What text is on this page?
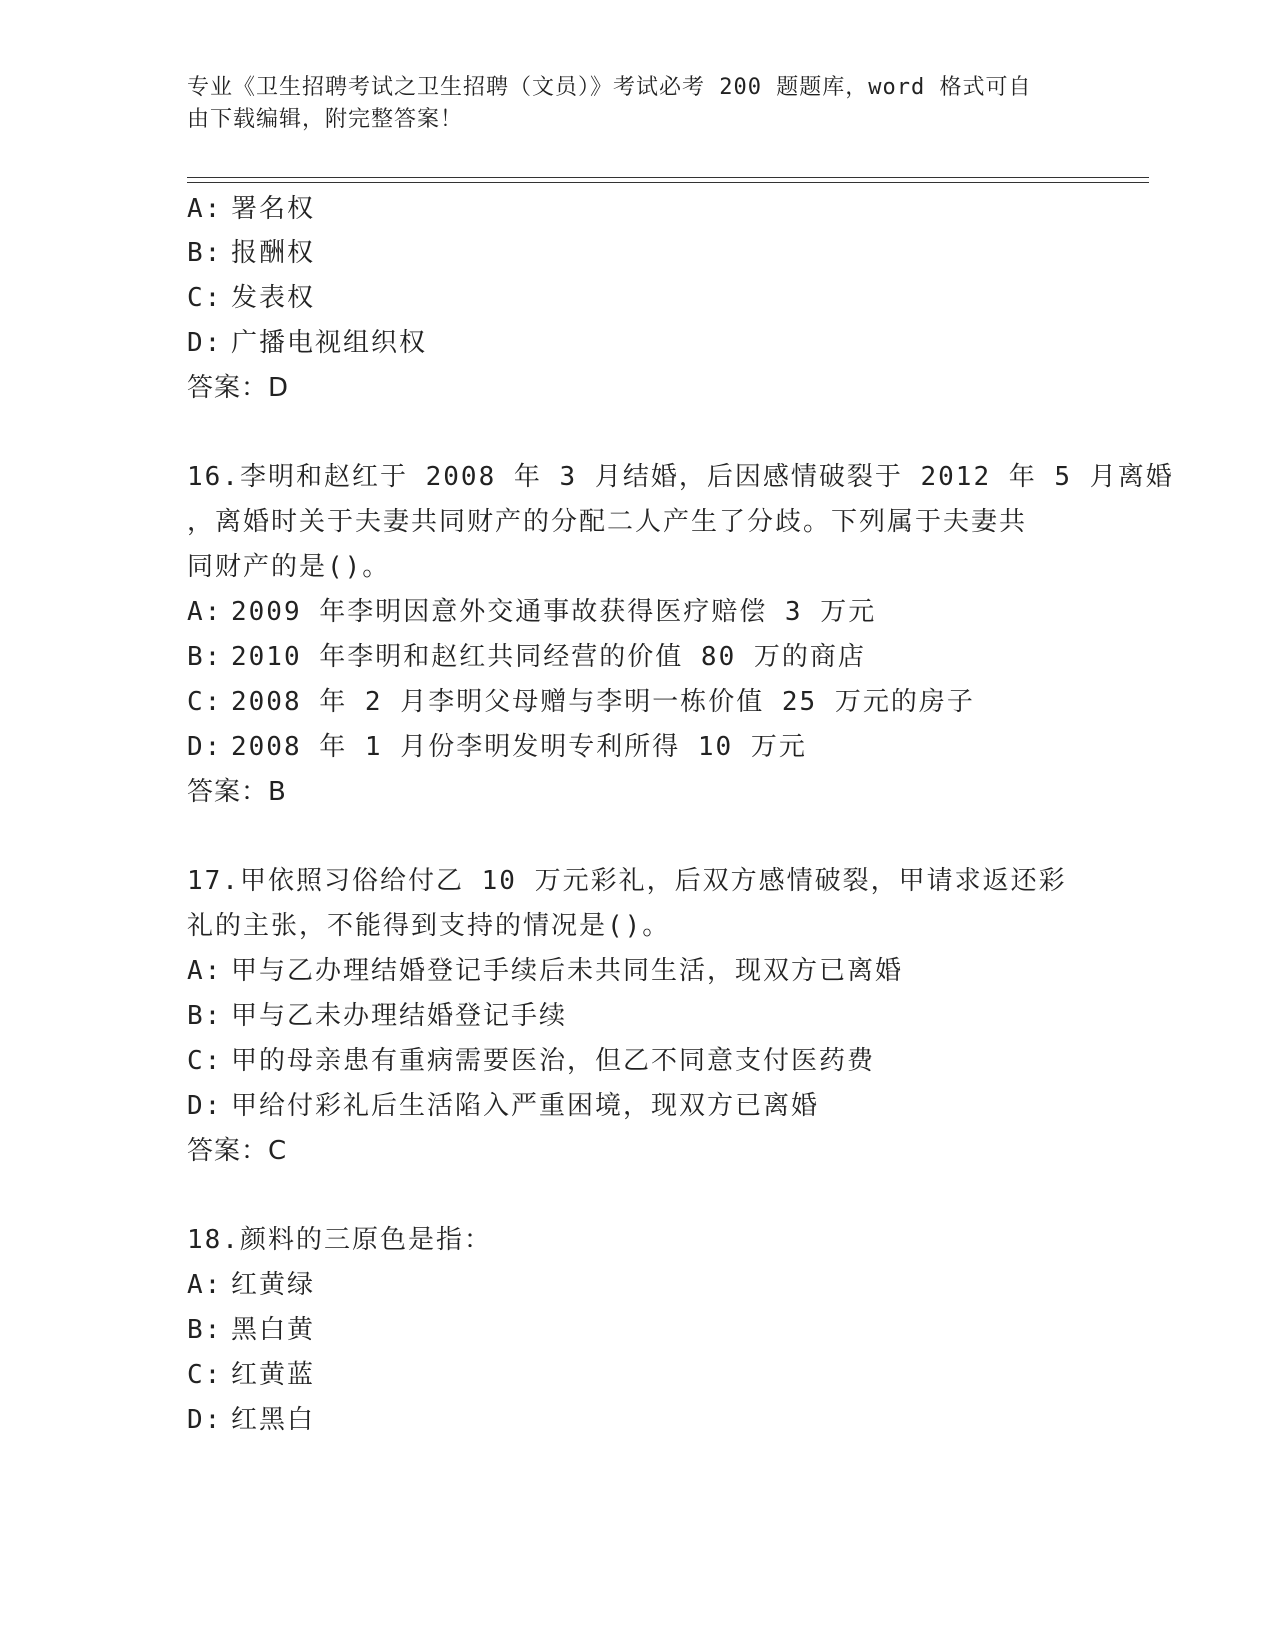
专业《卫生招聘考试之卫生招聘（文员）》考试必考 200 题题库，word 格式可自
由下载编辑，附完整答案！
A: 署名权
B: 报酬权
C: 发表权
D: 广播电视组织权
答案：D
16.李明和赵红于 2008 年 3 月结婚，后因感情破裂于 2012 年 5 月离婚
，离婚时关于夫妻共同财产的分配二人产生了分歧。下列属于夫妻共
同财产的是()。
A: 2009 年李明因意外交通事故获得医疗赔偿 3 万元
B: 2010 年李明和赵红共同经营的价值 80 万的商店
C: 2008 年 2 月李明父母赠与李明一栋价值 25 万元的房子
D: 2008 年 1 月份李明发明专利所得 10 万元
答案：B
17.甲依照习俗给付乙 10 万元彩礼，后双方感情破裂，甲请求返还彩
礼的主张，不能得到支持的情况是()。
A: 甲与乙办理结婚登记手续后未共同生活，现双方已离婚
B: 甲与乙未办理结婚登记手续
C: 甲的母亲患有重病需要医治，但乙不同意支付医药费
D: 甲给付彩礼后生活陷入严重困境，现双方已离婚
答案：C
18.颜料的三原色是指：
A: 红黄绿
B: 黑白黄
C: 红黄蓝
D: 红黑白
